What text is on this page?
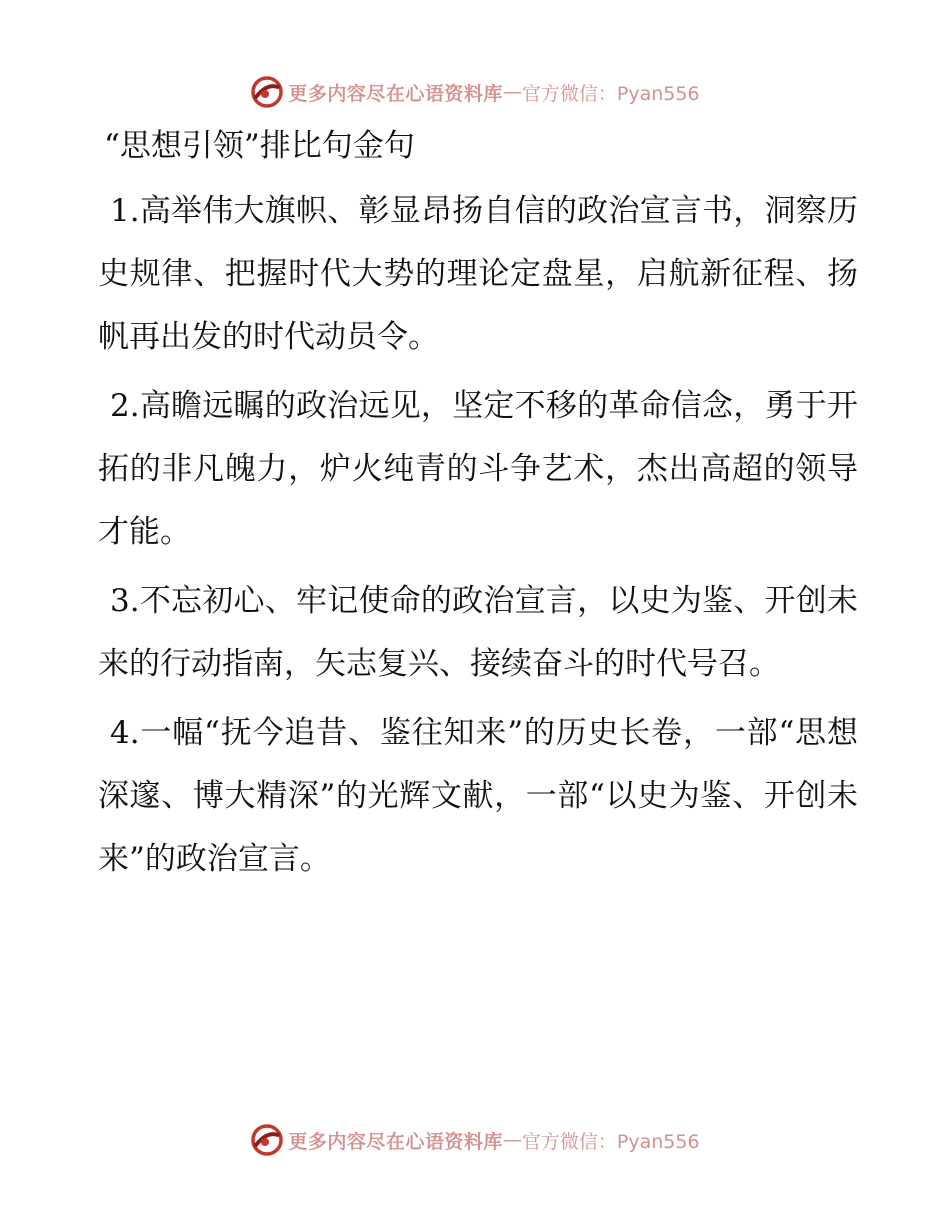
更多内容尽在心语资料库 — 官方微信：Pyan556
“思想引领”排比句金句

1.高举伟大旗帜、彰显昂扬自信的政治宣言书，洞察历史规律、把握时代大势的理论定盘星，启航新征程、扬帆再出发的时代动员令。

2.高瞻远瞩的政治远见，坚定不移的革命信念，勇于开拓的非凡魄力，炉火纯青的斗争艺术，杰出高超的领导才能。

3.不忘初心、牢记使命的政治宣言，以史为鉴、开创未来的行动指南，矢志复兴、接续奋斗的时代号召。

4.一幅“抚今追昔、鉴往知来”的历史长卷，一部“思想深邃、博大精深”的光辉文献，一部“以史为鉴、开创未来”的政治宣言。

更多内容尽在心语资料库 — 官方微信：Pyan556
